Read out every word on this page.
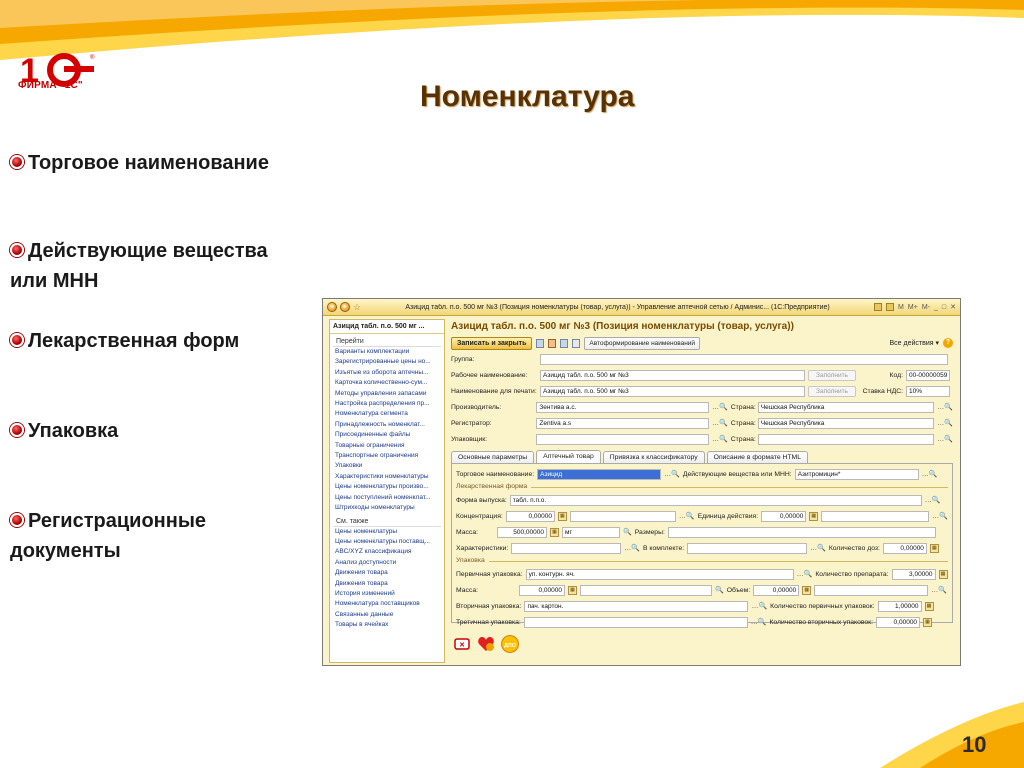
1	®
ФИРМА "1С"	Номенклатура
Торговое наименование
Действующие вещества или МНН
Лекарственная форм
Упаковка
Регистрационные
документы
10
◂	▸ ☆	Азицид табл. п.о. 500 мг №3 (Позиция номенклатуры (товар, услуга)) - Управление аптечной сетью / Админис... (1С:Предприятие)	M M+ M- _ □ ✕
Азицид табл. п.о. 500 мг ...
Перейти
Варианты комплектации
Зарегистрированные цены но...
Изъятые из оборота аптечны...
Карточка количественно-сум...
Методы управления запасами
Настройка распределения пр...
Номенклатура сегмента
Принадлежность номенклат...
Присоединенные файлы
Товарные ограничения
Транспортные ограничения
Упаковки
Характеристики номенклатуры
Цены номенклатуры произво...
Цены поступлений номенклат...
Штрихкоды номенклатуры
См. также
Цены номенклатуры
Цены номенклатуры поставщ...
ABC/XYZ классификация
Анализ доступности
Движения товара
Движения товара
История изменений
Номенклатура поставщиков
Связанные данные
Товары в ячейках
Азицид табл. п.о. 500 мг №3 (Позиция номенклатуры (товар, услуга))
Записать и закрыть	Автоформирование наименований	Все действия ▾ ?
Группа:
Рабочее наименование:	Азицид табл. п.о. 500 мг №3	Заполнить	Код: 00-00000059
Наименование для печати: Азицид табл. п.о. 500 мг №3	Заполнить	Ставка НДС: 10%
Производитель:	Зентива а.с.	…🔍 Страна: Чешская Республика	…🔍
Регистратор:	Zentiva a.s	…🔍 Страна: Чешская Республика	…🔍
Упаковщик:	…🔍 Страна:	…🔍
Основные параметры	Аптечный товар	Привязка к классификатору	Описание в формате HTML
Торговое наименование: Азицид	…🔍 Действующие вещества или МНН: Азитромицин*	…🔍
Лекарственная форма
Форма выпуска: табл. п.п.о.	…🔍
Концентрация:	0,00000	▦	…🔍 Единица действия:	0,00000	▦	…🔍
Масса:	500,00000	▦	мг	🔍 Размеры:
Характеристики:	…🔍 В комплекте:	…🔍 Количество доз:	0,00000	▦
Упаковка
Первичная упаковка: уп. контурн. яч.	…🔍 Количество препарата:	3,00000	▦
Масса:	0,00000	▦	🔍 Объем:	0,00000	▦	…🔍
Вторичная упаковка: пач. картон.	…🔍 Количество первичных упаковок:	1,00000	▦
Третичная упаковка:	…🔍 Количество вторичных упаковок:	0,00000	▦
✕	ДЛО
